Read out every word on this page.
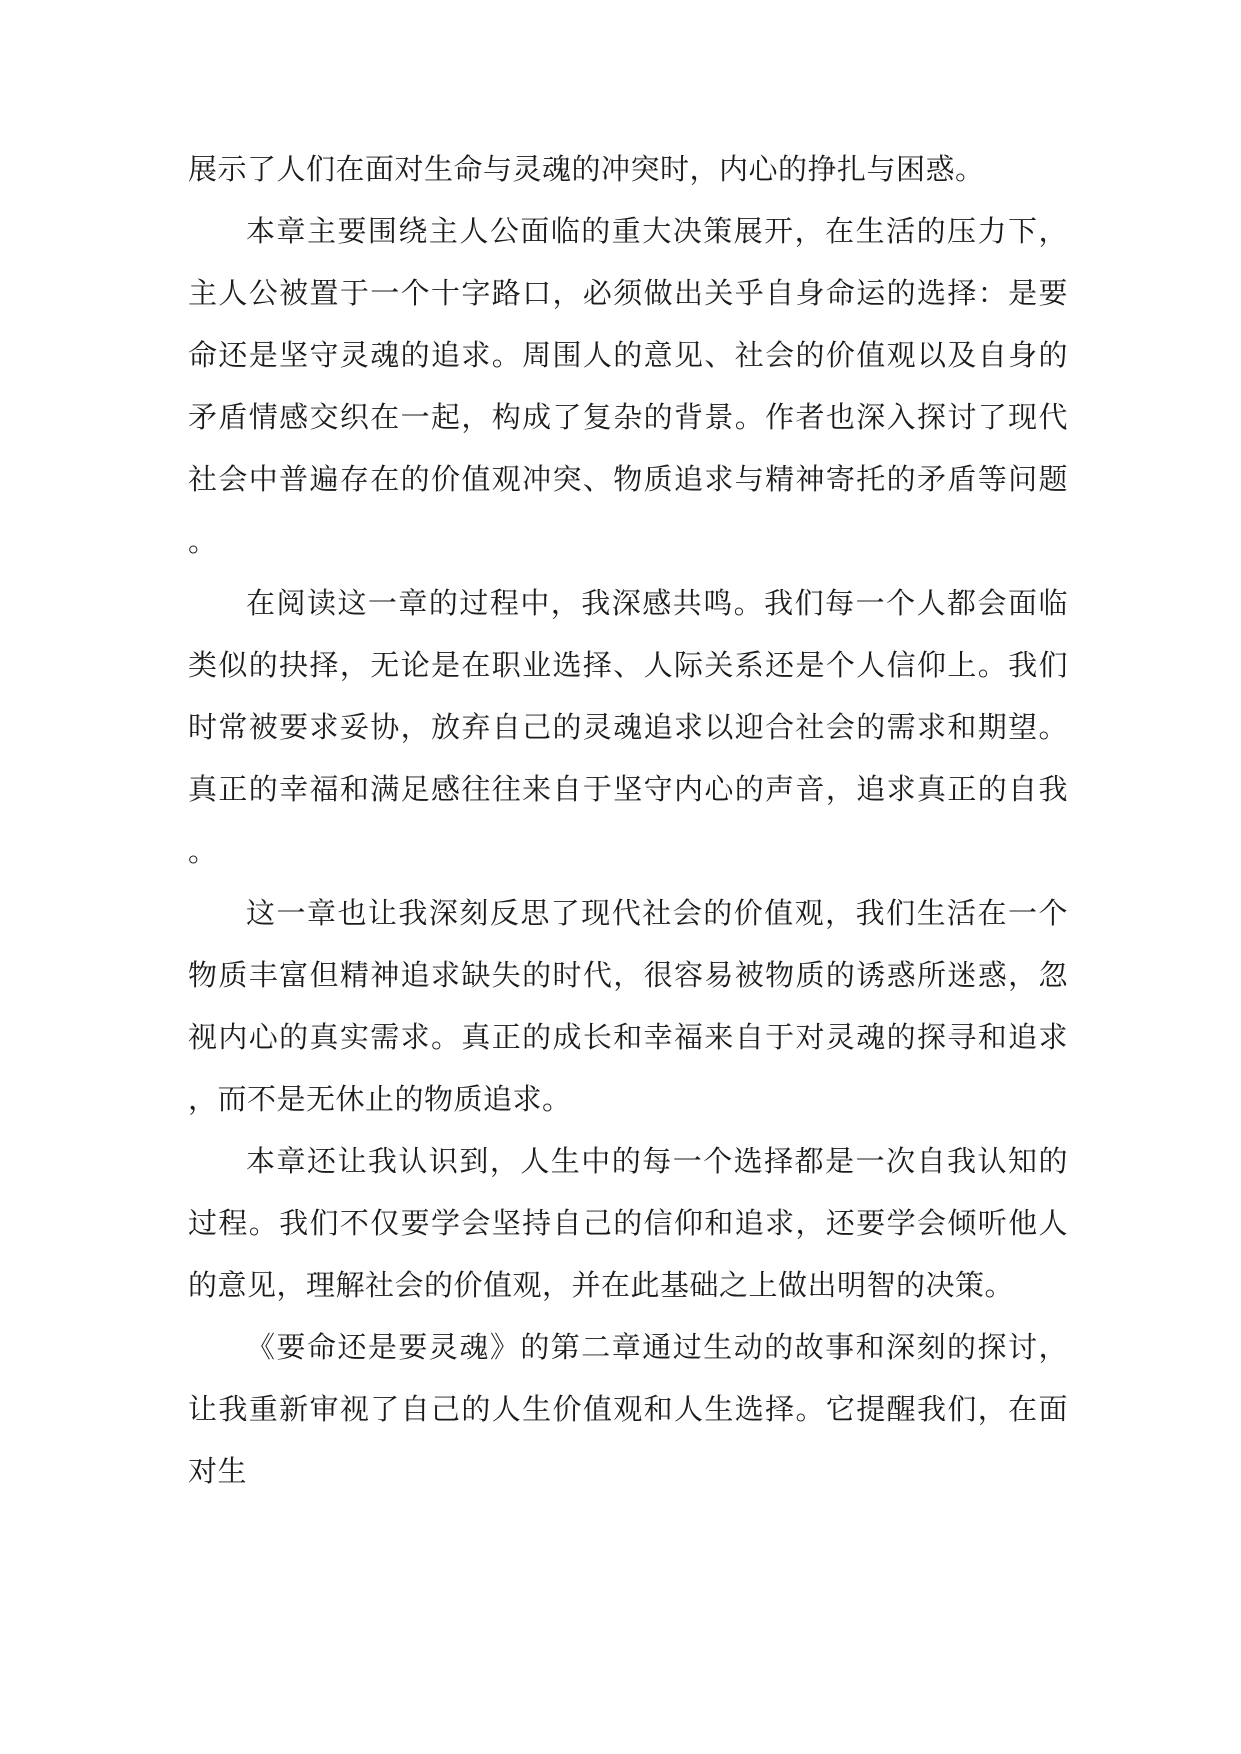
展示了人们在面对生命与灵魂的冲突时，内心的挣扎与困惑。

本章主要围绕主人公面临的重大决策展开，在生活的压力下，主人公被置于一个十字路口，必须做出关乎自身命运的选择：是要命还是坚守灵魂的追求。周围人的意见、社会的价值观以及自身的矛盾情感交织在一起，构成了复杂的背景。作者也深入探讨了现代社会中普遍存在的价值观冲突、物质追求与精神寄托的矛盾等问题。

在阅读这一章的过程中，我深感共鸣。我们每一个人都会面临类似的抉择，无论是在职业选择、人际关系还是个人信仰上。我们时常被要求妥协，放弃自己的灵魂追求以迎合社会的需求和期望。真正的幸福和满足感往往来自于坚守内心的声音，追求真正的自我。

这一章也让我深刻反思了现代社会的价值观，我们生活在一个物质丰富但精神追求缺失的时代，很容易被物质的诱惑所迷惑，忽视内心的真实需求。真正的成长和幸福来自于对灵魂的探寻和追求，而不是无休止的物质追求。

本章还让我认识到，人生中的每一个选择都是一次自我认知的过程。我们不仅要学会坚持自己的信仰和追求，还要学会倾听他人的意见，理解社会的价值观，并在此基础之上做出明智的决策。

《要命还是要灵魂》的第二章通过生动的故事和深刻的探讨，让我重新审视了自己的人生价值观和人生选择。它提醒我们，在面对生
